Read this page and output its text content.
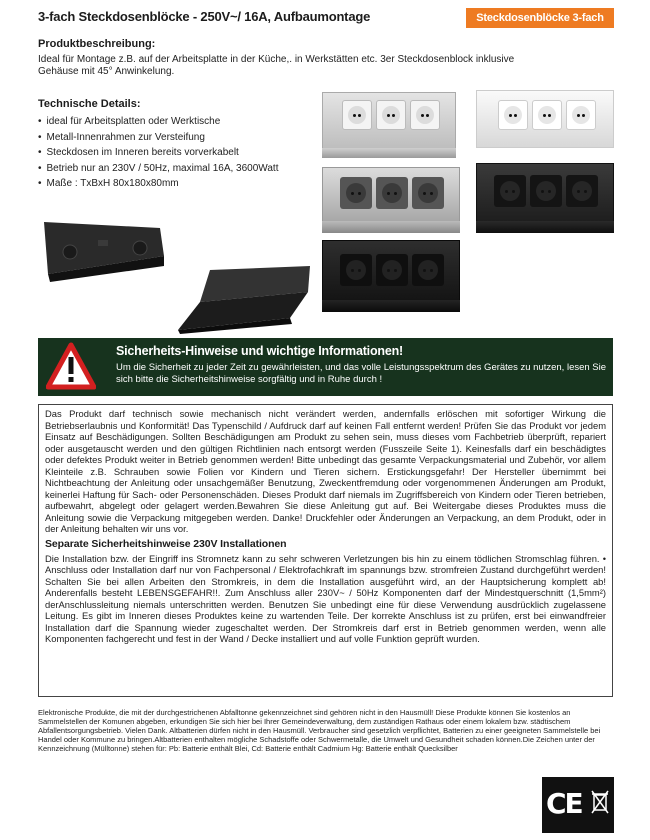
3-fach Steckdosenblöcke - 250V~/ 16A, Aufbaumontage	Steckdosenblöcke 3-fach
Produktbeschreibung:
Ideal für Montage z.B. auf der Arbeitsplatte in der Küche,. in Werkstätten etc. 3er Steckdosenblock inklusive Gehäuse mit 45° Anwinkelung.
Technische Details:
• ideal für Arbeitsplatten oder Werktische
• Metall-Innenrahmen zur Versteifung
• Steckdosen im Inneren bereits vorverkabelt
• Betrieb nur an 230V / 50Hz, maximal 16A, 3600Watt
• Maße : TxBxH 80x180x80mm
Sicherheits-Hinweise und wichtige Informationen!
Um die Sicherheit zu jeder Zeit zu gewährleisten, und das volle Leistungsspektrum des Gerätes zu nutzen, lesen Sie sich bitte die Sicherheitshinweise sorgfältig und in Ruhe durch !

Das Produkt darf technisch sowie mechanisch nicht verändert werden, andernfalls erlöschen mit sofortiger Wirkung die Betriebserlaubnis und Konformität! Das Typenschild / Aufdruck darf auf keinen Fall entfernt werden! Prüfen Sie das Produkt vor jedem Einsatz auf Beschädigungen. Sollten Beschädigungen am Produkt zu sehen sein, muss dieses vom Fachbetrieb überprüft, repariert oder ausgetauscht werden und den gültigen Richtlinien nach entsorgt werden (Fusszeile Seite 1). Keinesfalls darf ein beschädigtes oder defektes Produkt weiter in Betrieb genommen werden! Bitte unbedingt das gesamte Verpackungsmaterial und Zubehör, vor allem Kleinteile z.B. Schrauben sowie Folien vor Kindern und Tieren sichern. Erstickungsgefahr! Der Hersteller übernimmt bei Nichtbeachtung der Anleitung oder unsachgemäßer Benutzung, Zweckentfremdung oder vorgenommenen Änderungen am Produkt, keinerlei Haftung für Sach- oder Personenschäden. Dieses Produkt darf niemals im Zugriffsbereich von Kindern oder Tieren betrieben, aufbewahrt, abgelegt oder gelagert werden.Bewahren Sie diese Anleitung gut auf. Bei Weitergabe dieses Produktes muss die Anleitung sowie die Verpackung mitgegeben werden. Danke! Druckfehler oder Änderungen an Verpackung, an dem Produkt, oder in der Anleitung behalten wir uns vor.

Separate Sicherheitshinweise 230V Installationen

Die Installation bzw. der Eingriff ins Stromnetz kann zu sehr schweren Verletzungen bis hin zu einem tödlichen Stromschlag führen. • Anschluss oder Installation darf nur von Fachpersonal / Elektrofachkraft im spannungs bzw. stromfreien Zustand durchgeführt werden! Schalten Sie bei allen Arbeiten den Stromkreis, in dem die Installation ausgeführt wird, an der Hauptsicherung komplett ab! Anderenfalls besteht LEBENSGEFAHR!!. Zum Anschluss aller 230V~ / 50Hz Komponenten darf der Mindestquerschnitt (1,5mm²) derAnschlussleitung niemals unterschritten werden. Benutzen Sie unbedingt eine für diese Verwendung ausdrücklich zugelassene Leitung. Es gibt im Inneren dieses Produktes keine zu wartenden Teile. Der korrekte Anschluss ist zu prüfen, erst bei einwandfreier Installation darf die Spannung wieder zugeschaltet werden. Der Stromkreis darf erst in Betrieb genommen werden, wenn alle Komponenten fachgerecht und fest in der Wand / Decke installiert und auf volle Funktion geprüft wurden.

Elektronische Produkte, die mit der durchgestrichenen Abfalltonne gekennzeichnet sind gehören nicht in den Hausmüll! Diese Produkte können Sie kostenlos an Sammelstellen der Komunen abgeben, erkundigen Sie sich hier bei Ihrer Gemeindeverwaltung, dem zuständigen Rathaus oder einem lokalem bzw. städtischem Abfallentsorgungsbetrieb. Vielen Dank. Altbatterien dürfen nicht in den Hausmüll. Verbraucher sind gesetzlich verpflichtet, Batterien zu einer geeigneten Sammelstelle bei Handel oder Kommune zu bringen.Altbatterien enthalten mögliche Schadstoffe oder Schwermetalle, die Umwelt und Gesundheit schaden können.Die Zeichen unter der Kennzeichnung (Mülltonne) stehen für: Pb: Batterie enthält Blei, Cd: Batterie enthält Cadmium Hg: Batterie enthält Quecksilber
CE
